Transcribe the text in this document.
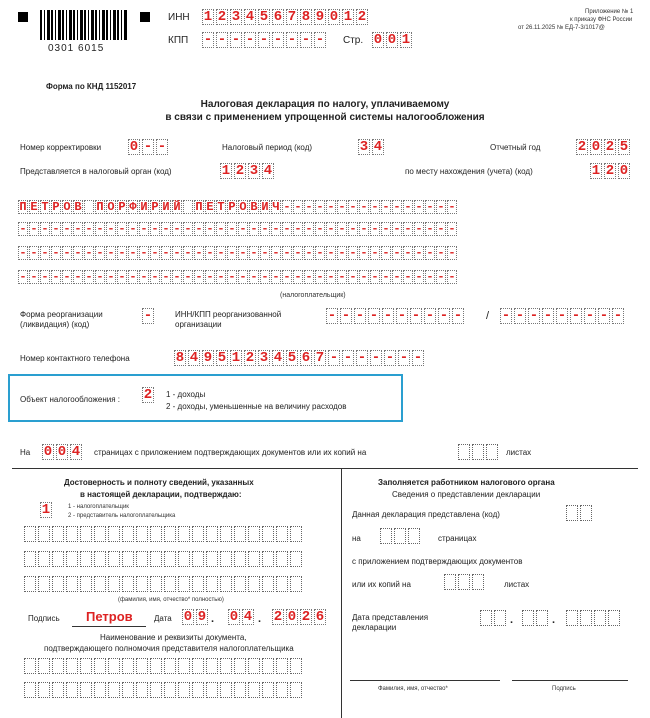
0301 6015
ИНН 1 2 3 4 5 6 7 8 9 0 1 2
КПП - - - - - - - - - Стр. 0 0 1
Приложение № 1
к приказу ФНС России
от 26.11.2025 № ЕД-7-3/1017@
Форма по КНД 1152017
Налоговая декларация по налогу, уплачиваемому
в связи с применением упрощенной системы налогообложения
Номер корректировки 0 - -	Налоговый период (код)	3 4	Отчетный год	2 0 2 5
Представляется в налоговый орган (код)	1 2 3 4	по месту нахождения (учета) (код)	1 2 0
П Е Т Р О В П О Р Ф И Р И Й П Е Т Р О В И Ч - - - - - - - - - - - - - - - -
- - - - - - - - - - - - - - - - - - - - - - - - - - - - - - - - - - - - - - - -
- - - - - - - - - - - - - - - - - - - - - - - - - - - - - - - - - - - - - - - -
- - - - - - - - - - - - - - - - - - - - - - - - - - - - - - - - - - - - - - - -
(налогоплательщик)
Форма реорганизации
(ликвидация) (код)
-	ИНН/КПП реорганизованной
организации
- - - - - - - - - - / - - - - - - - - -
Номер контактного телефона	8 4 9 5 1 2 3 4 5 6 7 - - - - - - -
Объект налогообложения : 2 1 - доходы
2 - доходы, уменьшенные на величину расходов
На 0 0 4 страницах с приложением подтверждающих документов или их копий на	листах
Достоверность и полноту сведений, указанных
в настоящей декларации, подтверждаю:
1	1 - налогоплательщик
2 - представитель налогоплательщика
(фамилия, имя, отчество* полностью)
Подпись Петров	Дата 0 9 . 0 4 . 2 0 2 6
Наименование и реквизиты документа,
подтверждающего полномочия представителя налогоплательщика
Заполняется работником налогового органа
Сведения о представлении декларации
Данная декларация представлена (код)
на	страницах
с приложением подтверждающих документов
или их копий на	листах
Дата представления
декларации
.	.
Фамилия, имя, отчество*	Подпись
